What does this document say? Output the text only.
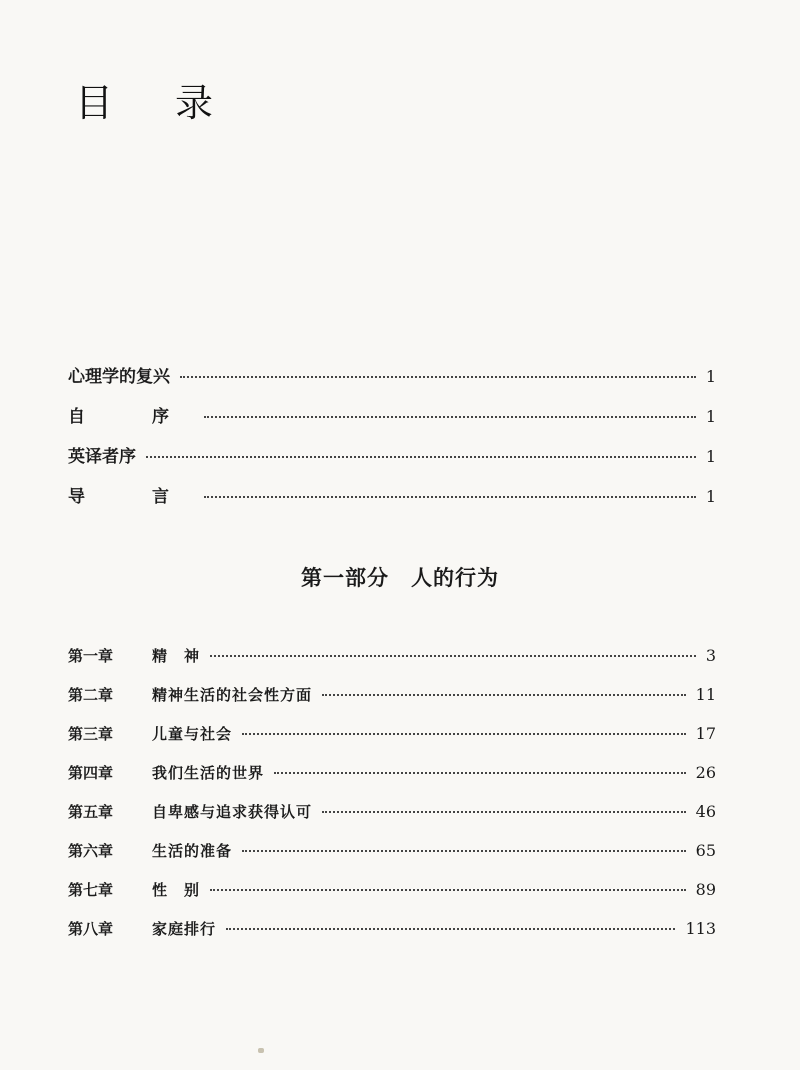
目 录
心理学的复兴	1
自　序	1
英译者序	1
导　言	1
第一部分　人的行为
第一章	精　神	3
第二章	精神生活的社会性方面	11
第三章	儿童与社会	17
第四章	我们生活的世界	26
第五章	自卑感与追求获得认可	46
第六章	生活的准备	65
第七章	性　别	89
第八章	家庭排行	113
